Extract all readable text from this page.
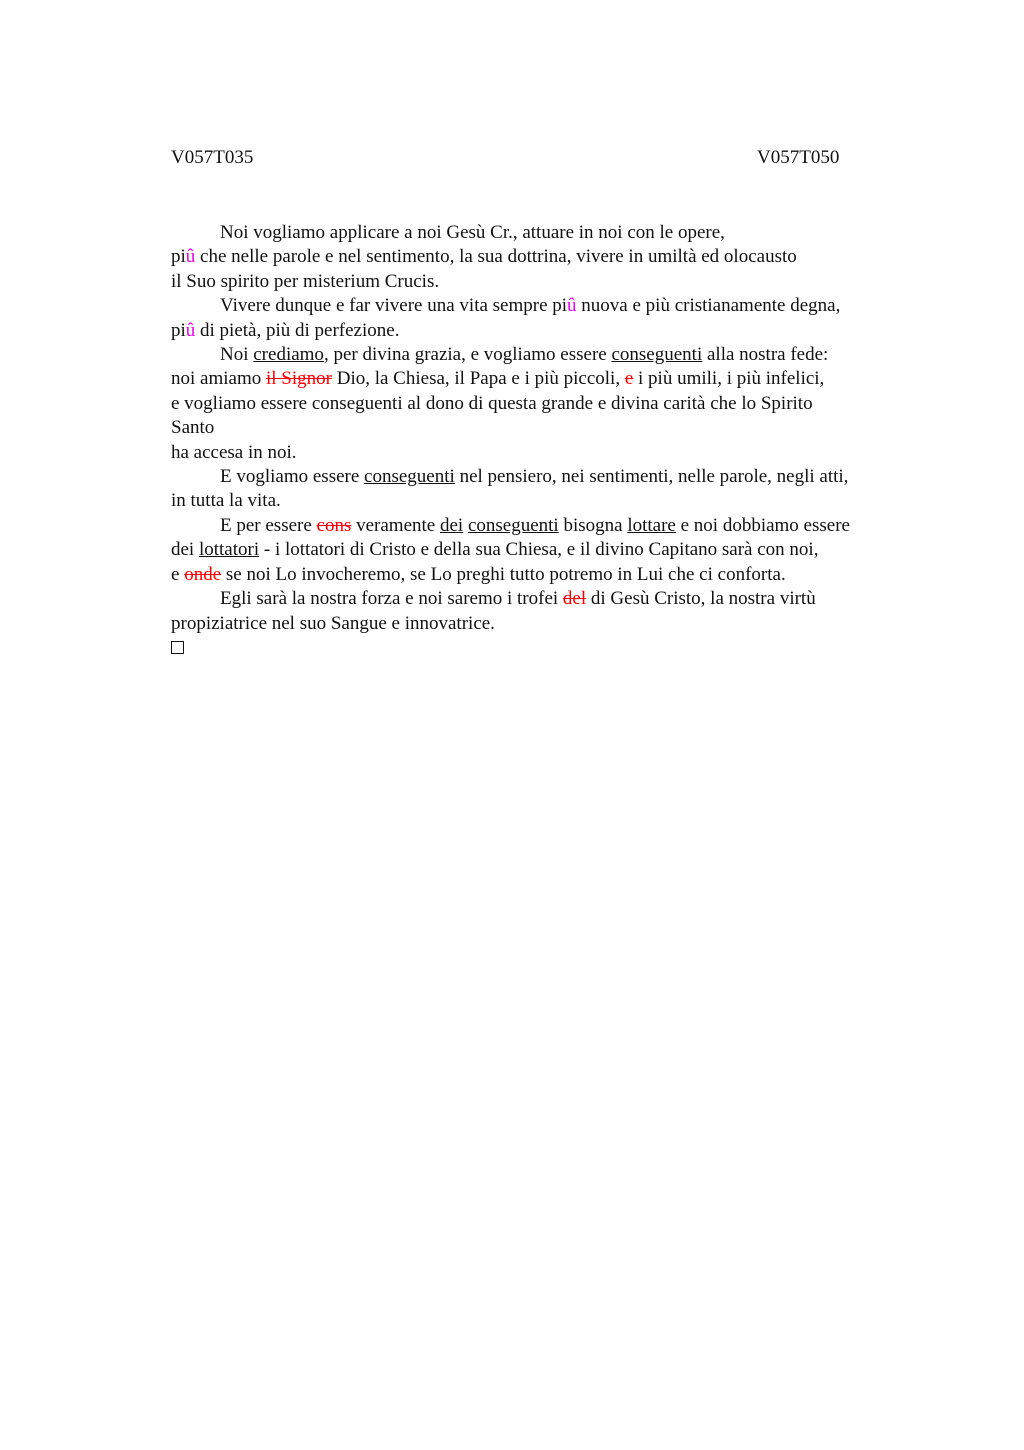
V057T035	V057T050
Noi vogliamo applicare a noi Gesù Cr., attuare in noi con le opere,
piû che nelle parole e nel sentimento, la sua dottrina, vivere in umiltà ed olocausto
il Suo spirito per misterium Crucis.
Vivere dunque e far vivere una vita sempre piû nuova e più cristianamente degna,
piû di pietà, più di perfezione.
Noi crediamo, per divina grazia, e vogliamo essere conseguenti alla nostra fede:
noi amiamo il Signor Dio, la Chiesa, il Papa e i più piccoli, e i più umili, i più infelici,
e vogliamo essere conseguenti al dono di questa grande e divina carità che lo Spirito
Santo
ha accesa in noi.
E vogliamo essere conseguenti nel pensiero, nei sentimenti, nelle parole, negli atti,
in tutta la vita.
E per essere cons veramente dei conseguenti bisogna lottare e noi dobbiamo essere
dei lottatori - i lottatori di Cristo e della sua Chiesa, e il divino Capitano sarà con noi,
e onde se noi Lo invocheremo, se Lo preghi tutto potremo in Lui che ci conforta.
Egli sarà la nostra forza e noi saremo i trofei del di Gesù Cristo, la nostra virtù
propiziatrice nel suo Sangue e innovatrice.
